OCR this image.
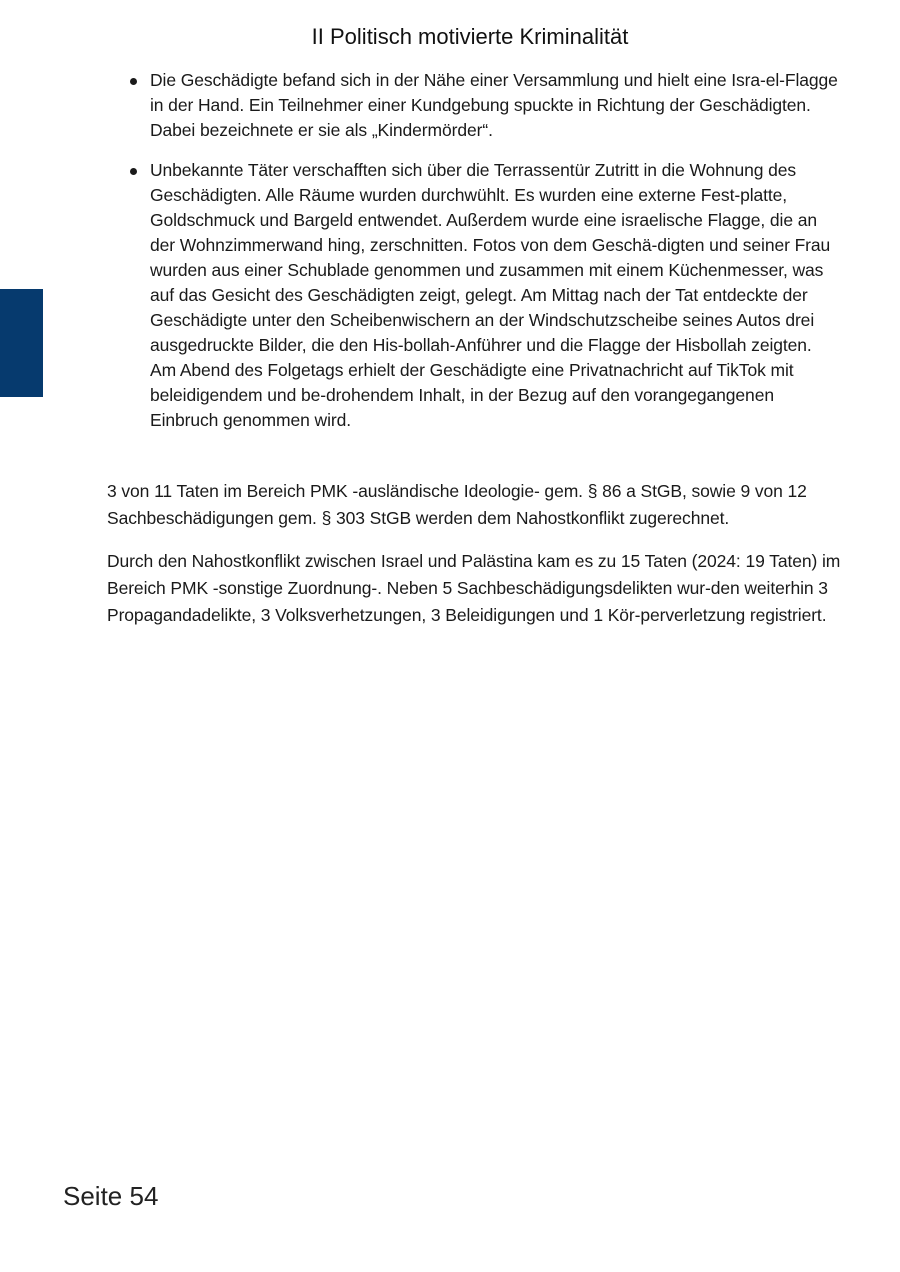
II Politisch motivierte Kriminalität
Die Geschädigte befand sich in der Nähe einer Versammlung und hielt eine Isra-el-Flagge in der Hand. Ein Teilnehmer einer Kundgebung spuckte in Richtung der Geschädigten. Dabei bezeichnete er sie als „Kindermörder“.
Unbekannte Täter verschafften sich über die Terrassentür Zutritt in die Wohnung des Geschädigten. Alle Räume wurden durchwühlt. Es wurden eine externe Fest-platte, Goldschmuck und Bargeld entwendet. Außerdem wurde eine israelische Flagge, die an der Wohnzimmerwand hing, zerschnitten. Fotos von dem Geschä-digten und seiner Frau wurden aus einer Schublade genommen und zusammen mit einem Küchenmesser, was auf das Gesicht des Geschädigten zeigt, gelegt. Am Mittag nach der Tat entdeckte der Geschädigte unter den Scheibenwischern an der Windschutzscheibe seines Autos drei ausgedruckte Bilder, die den His-bollah-Anführer und die Flagge der Hisbollah zeigten. Am Abend des Folgetags erhielt der Geschädigte eine Privatnachricht auf TikTok mit beleidigendem und be-drohendem Inhalt, in der Bezug auf den vorangegangenen Einbruch genommen wird.

3 von 11 Taten im Bereich PMK -ausländische Ideologie- gem. § 86 a StGB, sowie 9 von 12 Sachbeschädigungen gem. § 303 StGB werden dem Nahostkonflikt zugerechnet.

Durch den Nahostkonflikt zwischen Israel und Palästina kam es zu 15 Taten (2024: 19 Taten) im Bereich PMK -sonstige Zuordnung-. Neben 5 Sachbeschädigungsdelikten wur-den weiterhin 3 Propagandadelikte, 3 Volksverhetzungen, 3 Beleidigungen und 1 Kör-perverletzung registriert.

Seite 54
